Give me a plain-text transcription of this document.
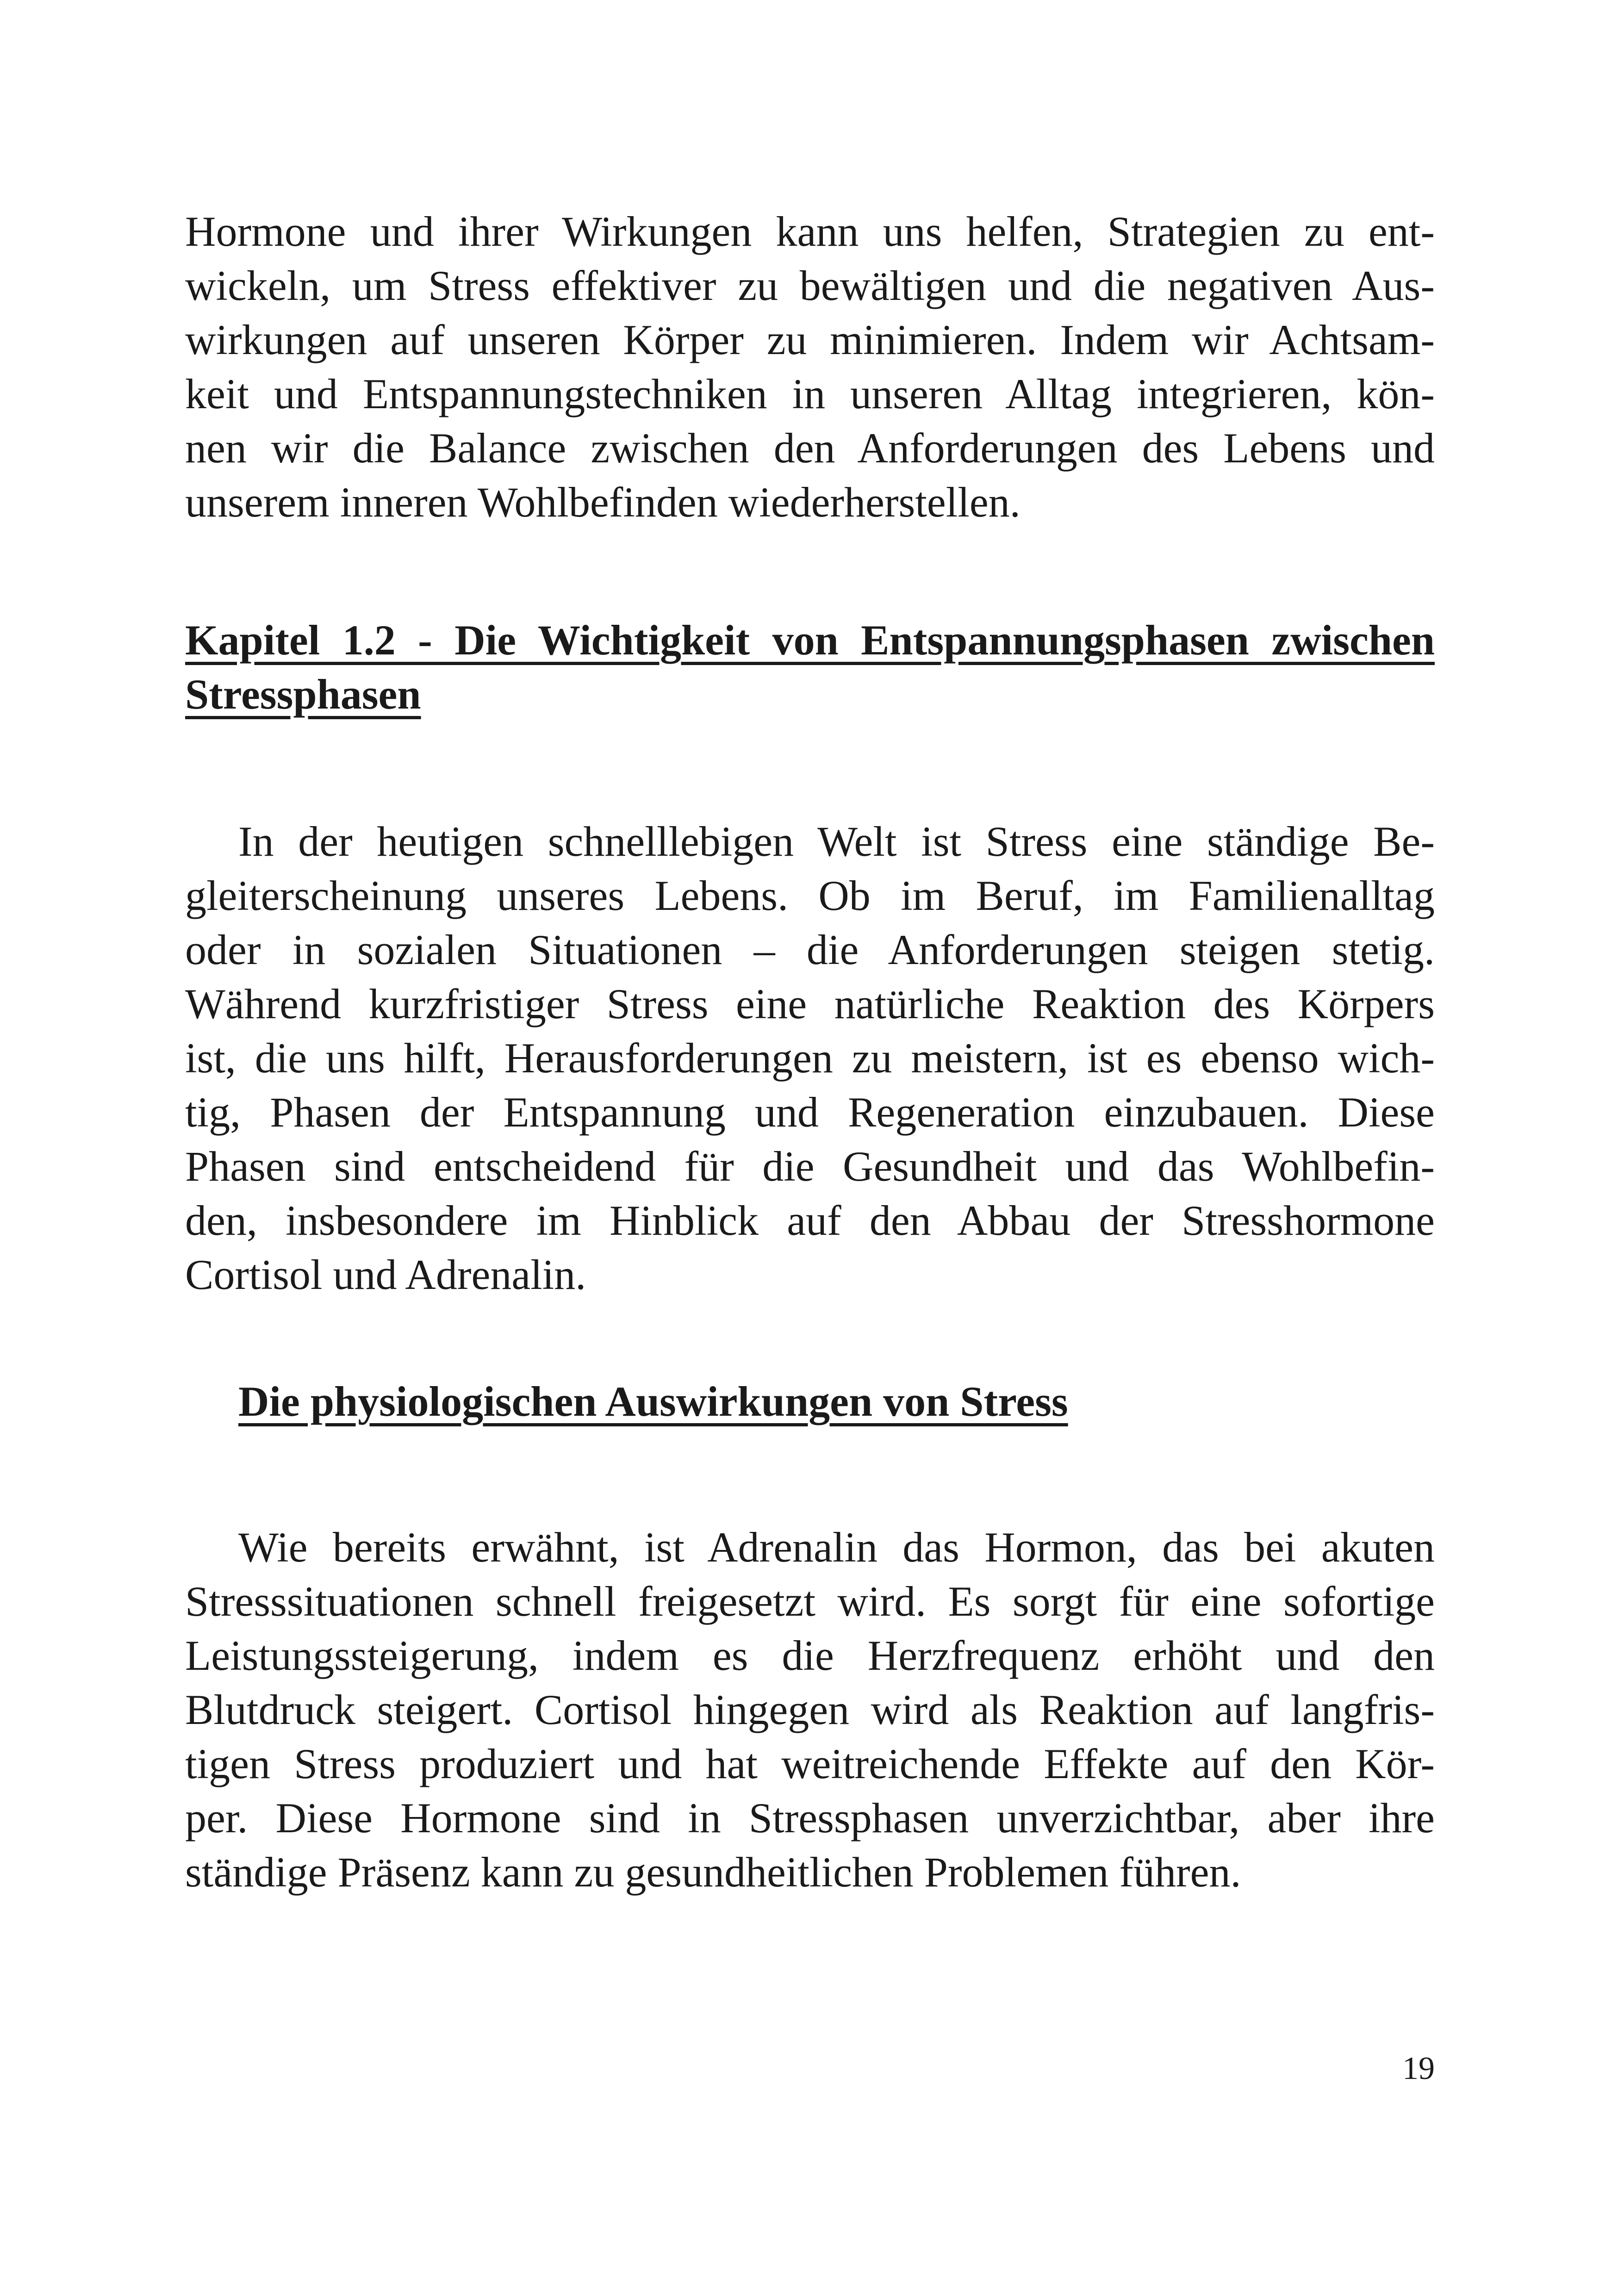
Hormone und ihrer Wirkungen kann uns helfen, Strategien zu ent-
wickeln, um Stress effektiver zu bewältigen und die negativen Aus-
wirkungen auf unseren Körper zu minimieren. Indem wir Achtsam-
keit und Entspannungstechniken in unseren Alltag integrieren, kön-
nen wir die Balance zwischen den Anforderungen des Lebens und
unserem inneren Wohlbefinden wiederherstellen.
Kapitel 1.2 - Die Wichtigkeit von Entspannungsphasen zwischen
Stressphasen
In der heutigen schnelllebigen Welt ist Stress eine ständige Be-
gleiterscheinung unseres Lebens. Ob im Beruf, im Familienalltag
oder in sozialen Situationen – die Anforderungen steigen stetig.
Während kurzfristiger Stress eine natürliche Reaktion des Körpers
ist, die uns hilft, Herausforderungen zu meistern, ist es ebenso wich-
tig, Phasen der Entspannung und Regeneration einzubauen. Diese
Phasen sind entscheidend für die Gesundheit und das Wohlbefin-
den, insbesondere im Hinblick auf den Abbau der Stresshormone
Cortisol und Adrenalin.
Die physiologischen Auswirkungen von Stress
Wie bereits erwähnt, ist Adrenalin das Hormon, das bei akuten
Stresssituationen schnell freigesetzt wird. Es sorgt für eine sofortige
Leistungssteigerung, indem es die Herzfrequenz erhöht und den
Blutdruck steigert. Cortisol hingegen wird als Reaktion auf langfris-
tigen Stress produziert und hat weitreichende Effekte auf den Kör-
per. Diese Hormone sind in Stressphasen unverzichtbar, aber ihre
ständige Präsenz kann zu gesundheitlichen Problemen führen.
19
